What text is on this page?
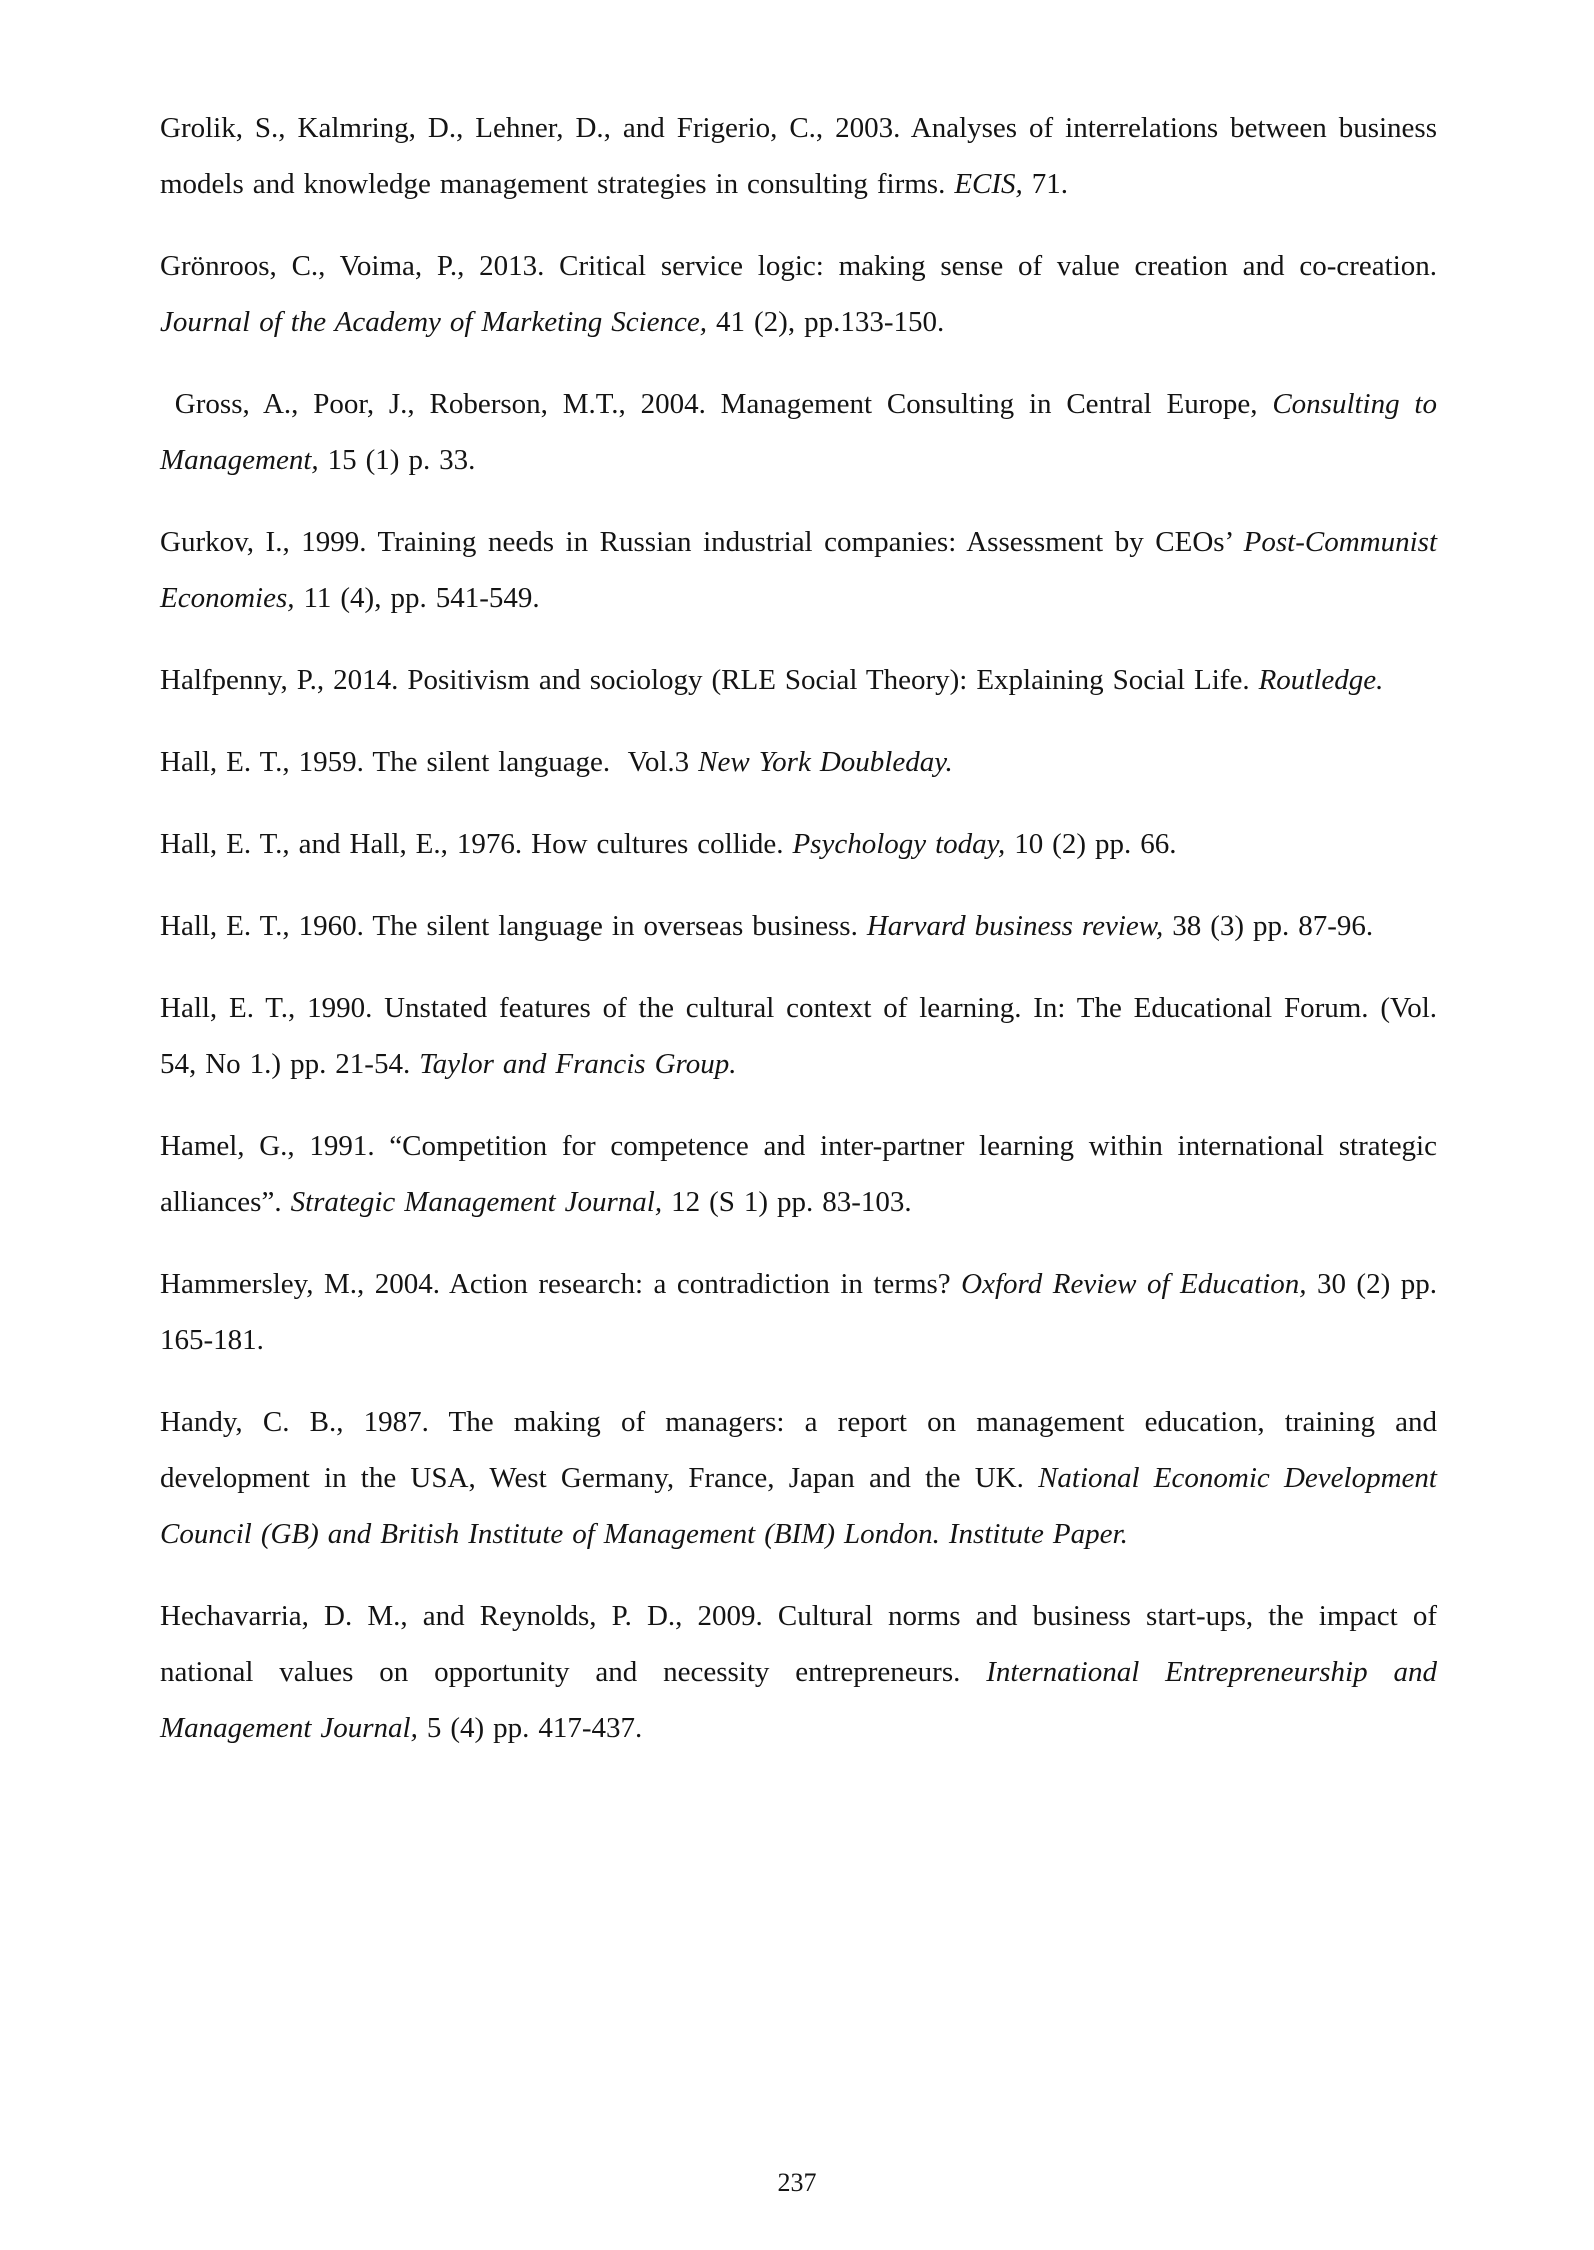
Grolik, S., Kalmring, D., Lehner, D., and Frigerio, C., 2003. Analyses of interrelations between business models and knowledge management strategies in consulting firms. ECIS, 71.

Grönroos, C., Voima, P., 2013. Critical service logic: making sense of value creation and co-creation. Journal of the Academy of Marketing Science, 41 (2), pp.133-150.

Gross, A., Poor, J., Roberson, M.T., 2004. Management Consulting in Central Europe, Consulting to Management, 15 (1) p. 33.

Gurkov, I., 1999. Training needs in Russian industrial companies: Assessment by CEOs’ Post-Communist Economies, 11 (4), pp. 541-549.

Halfpenny, P., 2014. Positivism and sociology (RLE Social Theory): Explaining Social Life. Routledge.

Hall, E. T., 1959. The silent language.  Vol.3 New York Doubleday.

Hall, E. T., and Hall, E., 1976. How cultures collide. Psychology today, 10 (2) pp. 66.

Hall, E. T., 1960. The silent language in overseas business. Harvard business review, 38 (3) pp. 87-96.

Hall, E. T., 1990. Unstated features of the cultural context of learning. In: The Educational Forum. (Vol. 54, No 1.) pp. 21-54. Taylor and Francis Group.

Hamel, G., 1991. “Competition for competence and inter-partner learning within international strategic alliances”. Strategic Management Journal, 12 (S 1) pp. 83-103.

Hammersley, M., 2004. Action research: a contradiction in terms? Oxford Review of Education, 30 (2) pp. 165-181.

Handy, C. B., 1987. The making of managers: a report on management education, training and development in the USA, West Germany, France, Japan and the UK. National Economic Development Council (GB) and British Institute of Management (BIM) London. Institute Paper.

Hechavarria, D. M., and Reynolds, P. D., 2009. Cultural norms and business start-ups, the impact of national values on opportunity and necessity entrepreneurs. International Entrepreneurship and Management Journal, 5 (4) pp. 417-437.

237
